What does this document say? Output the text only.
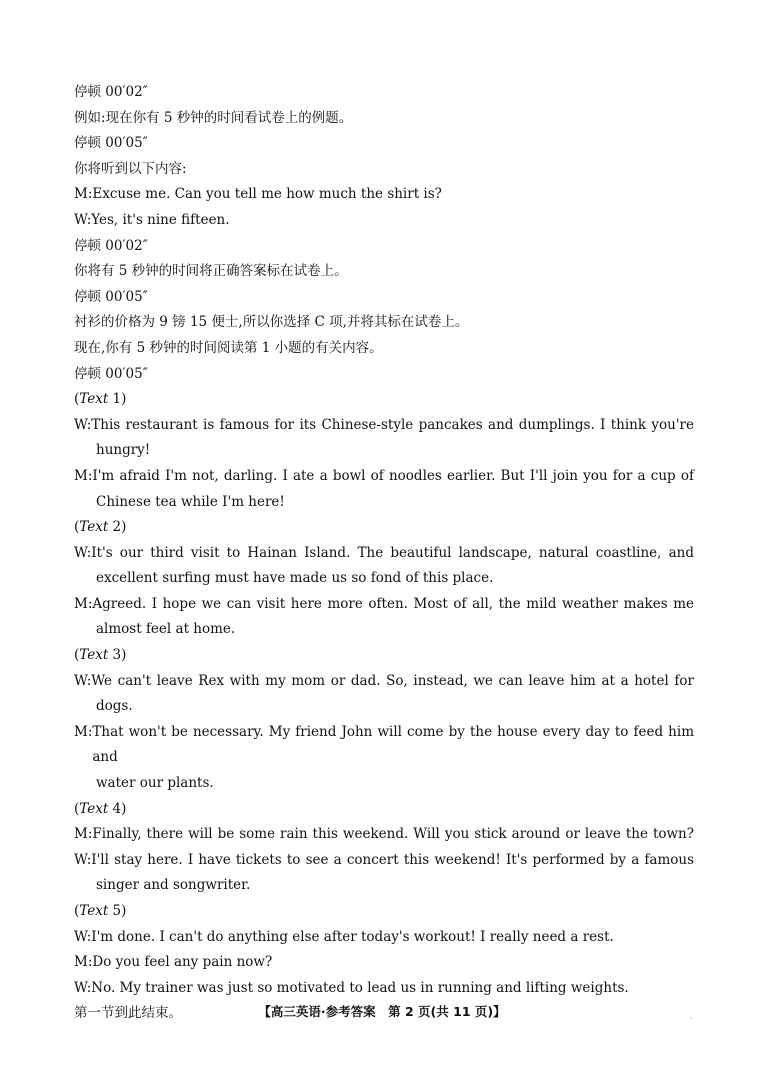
停顿 00′02″
例如:现在你有 5 秒钟的时间看试卷上的例题。
停顿 00′05″
你将听到以下内容:
M:Excuse me. Can you tell me how much the shirt is?
W:Yes, it's nine fifteen.
停顿 00′02″
你将有 5 秒钟的时间将正确答案标在试卷上。
停顿 00′05″
衬衫的价格为 9 镑 15 便士,所以你选择 C 项,并将其标在试卷上。
现在,你有 5 秒钟的时间阅读第 1 小题的有关内容。
停顿 00′05″
(Text 1)
W: This restaurant is famous for its Chinese-style pancakes and dumplings. I think you're
hungry!
M: I'm afraid I'm not, darling. I ate a bowl of noodles earlier. But I'll join you for a cup of
Chinese tea while I'm here!
(Text 2)
W: It's our third visit to Hainan Island. The beautiful landscape, natural coastline, and
excellent surfing must have made us so fond of this place.
M: Agreed. I hope we can visit here more often. Most of all, the mild weather makes me
almost feel at home.
(Text 3)
W: We can't leave Rex with my mom or dad. So, instead, we can leave him at a hotel for
dogs.
M: That won't be necessary. My friend John will come by the house every day to feed him and
water our plants.
(Text 4)
M: Finally, there will be some rain this weekend. Will you stick around or leave the town?
W: I'll stay here. I have tickets to see a concert this weekend! It's performed by a famous
singer and songwriter.
(Text 5)
W:I'm done. I can't do anything else after today's workout! I really need a rest.
M:Do you feel any pain now?
W:No. My trainer was just so motivated to lead us in running and lifting weights.
第一节到此结束。	【高三英语·参考答案　第 2 页(共 11 页)】	·
